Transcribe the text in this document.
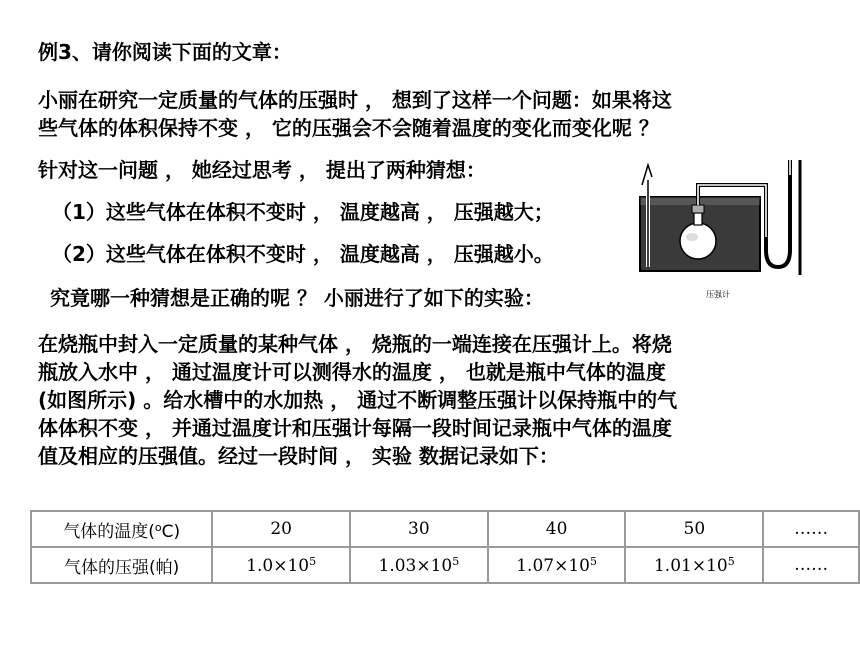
例3、请你阅读下面的文章：
小丽在研究一定质量的气体的压强时 ， 想到了这样一个问题：如果将这
些气体的体积保持不变 ， 它的压强会不会随着温度的变化而变化呢 ？
针对这一问题 ， 她经过思考 ， 提出了两种猜想：
（1）这些气体在体积不变时 ， 温度越高 ， 压强越大；
（2）这些气体在体积不变时 ， 温度越高 ， 压强越小。
究竟哪一种猜想是正确的呢 ？ 小丽进行了如下的实验：
在烧瓶中封入一定质量的某种气体 ， 烧瓶的一端连接在压强计上。将烧
瓶放入水中 ， 通过温度计可以测得水的温度 ， 也就是瓶中气体的温度
(如图所示) 。给水槽中的水加热 ， 通过不断调整压强计以保持瓶中的气
体体积不变 ， 并通过温度计和压强计每隔一段时间记录瓶中气体的温度
值及相应的压强值。经过一段时间 ， 实验 数据记录如下：
压强计
气体的温度($^o$C)	20	30	40	50	……
气体的压强(帕)	$1.0\times 10^5$	$1.03\times 10^5$	$1.07\times 10^5$	$1.01\times 10^5$	……
